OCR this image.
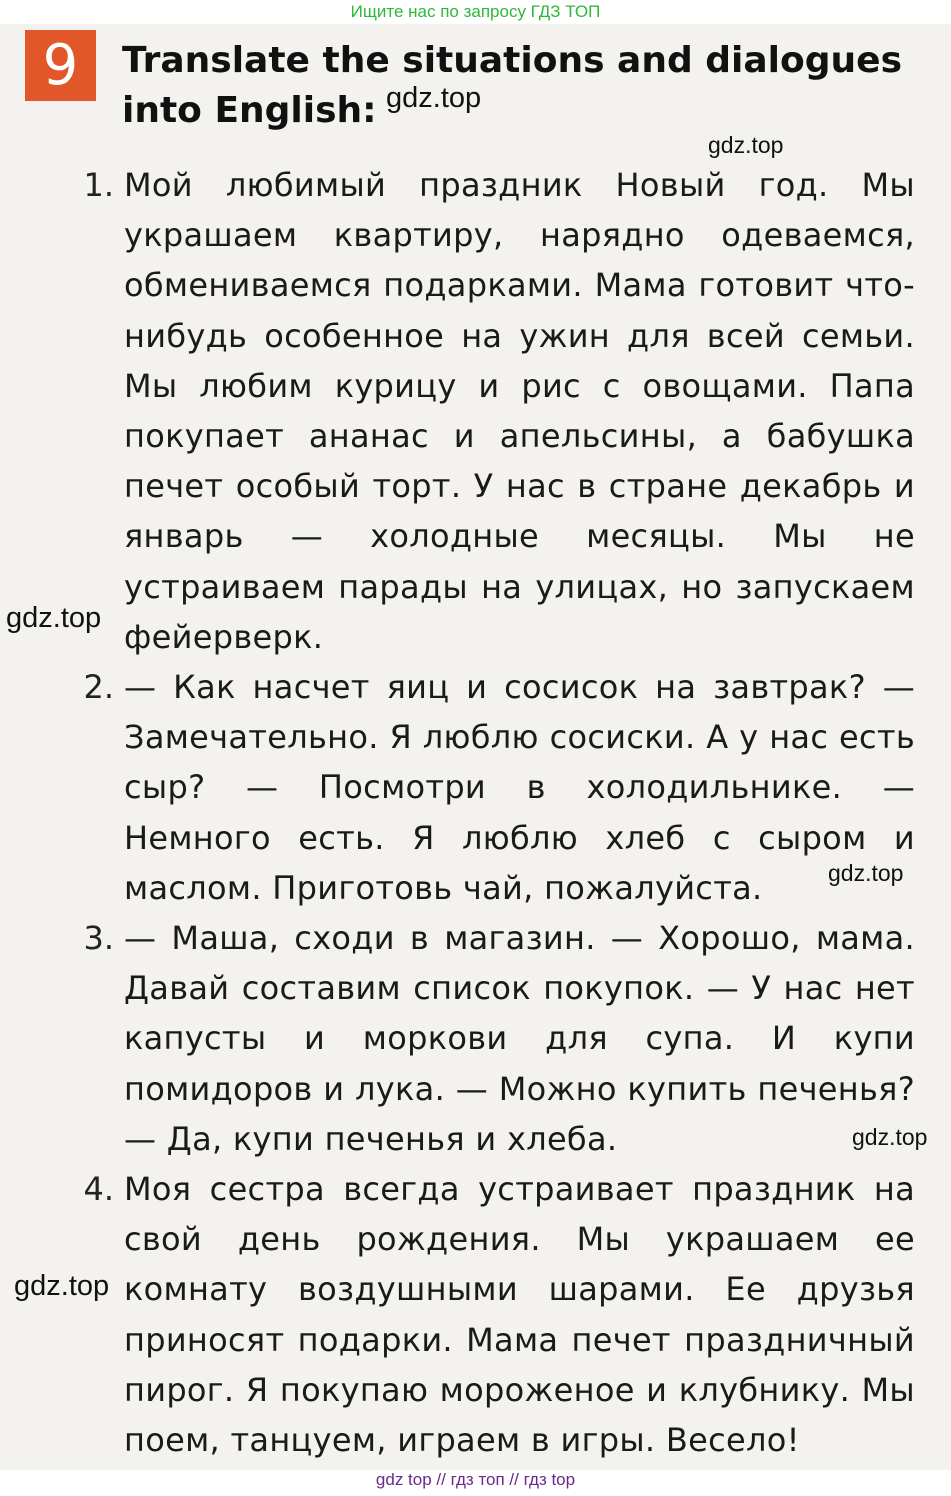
Ищите нас по запросу ГДЗ ТОП
9	Translate the situations and dialogues into English:
1. Мой любимый праздник Новый год. Мы украшаем квартиру, нарядно одеваемся, обмениваемся подарками. Мама готовит что-нибудь особенное на ужин для всей семьи. Мы любим курицу и рис с овощами. Папа покупает ананас и апельсины, а бабушка печет особый торт. У нас в стране декабрь и январь — холодные месяцы. Мы не устраиваем парады на улицах, но запускаем фейерверк.
2. — Как насчет яиц и сосисок на завтрак? — Замечательно. Я люблю сосиски. А у нас есть сыр? — Посмотри в холодильнике. — Немного есть. Я люблю хлеб с сыром и маслом. Приготовь чай, пожалуйста.
3. — Маша, сходи в магазин. — Хорошо, мама. Давай составим список покупок. — У нас нет капусты и моркови для супа. И купи помидоров и лука. — Можно купить печенья? — Да, купи печенья и хлеба.
4. Моя сестра всегда устраивает праздник на свой день рождения. Мы украшаем ее комнату воздушными шарами. Ее друзья приносят подарки. Мама печет праздничный пирог. Я покупаю мороженое и клубнику. Мы поем, танцуем, играем в игры. Весело!
gdz.top
gdz.top
gdz.top
gdz.top
gdz.top
gdz.top
gdz top // гдз топ // гдз top
